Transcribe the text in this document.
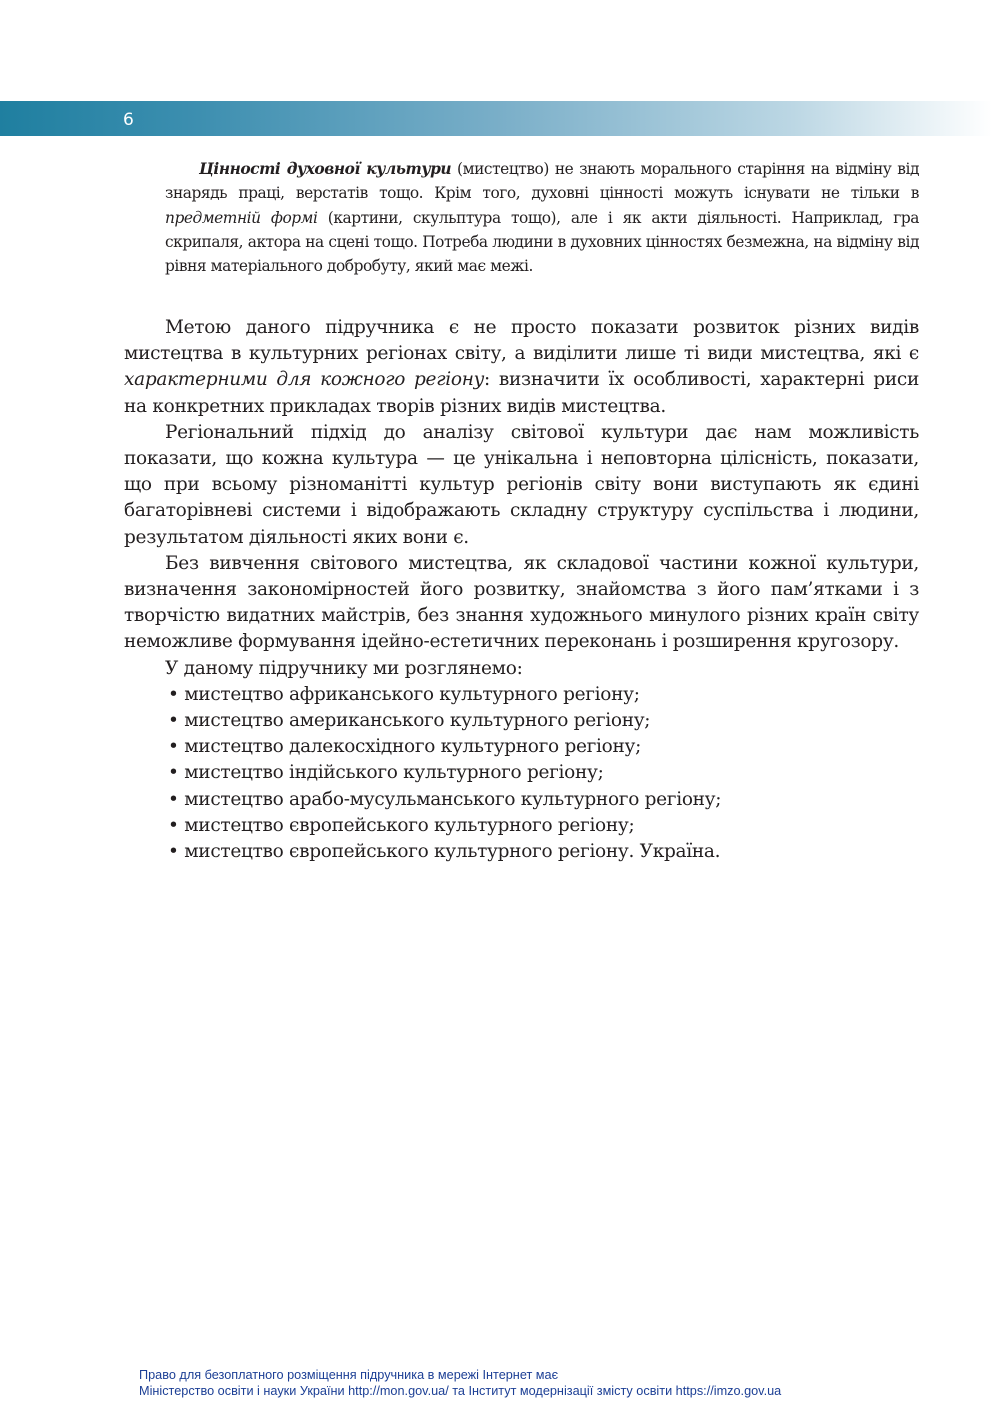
6

Цінності духовної культури (мистецтво) не знають морального старіння на відміну від знарядь праці, верстатів тощо. Крім того, духовні цінності можуть існувати не тільки в предметній формі (картини, скульптура тощо), але і як акти діяльності. Наприклад, гра скрипаля, актора на сцені тощо. Потреба людини в духовних цінностях безмежна, на відміну від рівня матеріального добробуту, який має межі.

Метою даного підручника є не просто показати розвиток різних видів мистецтва в культурних регіонах світу, а виділити лише ті види мистецтва, які є характерними для кожного регіону: визначити їх особливості, характерні риси на конкретних прикладах творів різних видів мистецтва.

Регіональний підхід до аналізу світової культури дає нам можливість показати, що кожна культура — це унікальна і неповторна цілісність, показати, що при всьому різноманітті культур регіонів світу вони виступають як єдині багаторівневі системи і відображають складну структуру суспільства і людини, результатом діяльності яких вони є.

Без вивчення світового мистецтва, як складової частини кожної культури, визначення закономірностей його розвитку, знайомства з його пам’ятками і з творчістю видатних майстрів, без знання художнього минулого різних країн світу неможливе формування ідейно-естетичних переконань і розширення кругозору.

У даному підручнику ми розглянемо:

• мистецтво африканського культурного регіону;
• мистецтво американського культурного регіону;
• мистецтво далекосхідного культурного регіону;
• мистецтво індійського культурного регіону;
• мистецтво арабо-мусульманського культурного регіону;
• мистецтво європейського культурного регіону;
• мистецтво європейського культурного регіону. Україна.
Право для безоплатного розміщення підручника в мережі Інтернет має
Міністерство освіти і науки України http://mon.gov.ua/ та Інститут модернізації змісту освіти https://imzo.gov.ua
